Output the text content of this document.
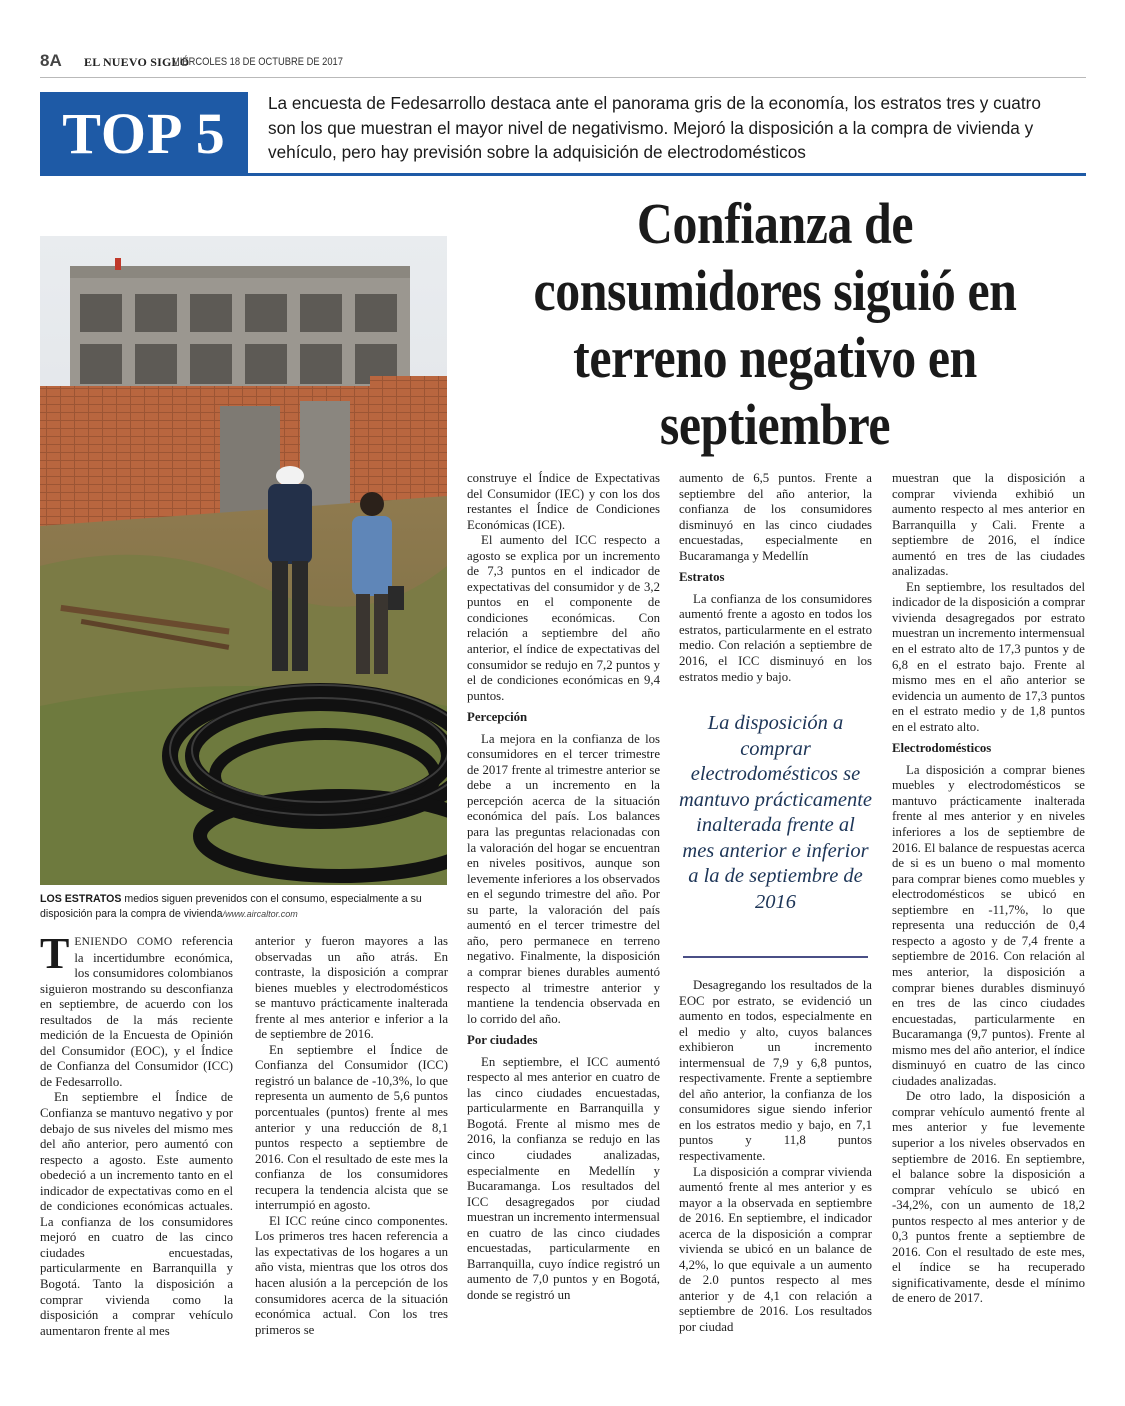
8A EL NUEVO SIGLO
MIÉRCOLES 18 DE OCTUBRE DE 2017
TOP 5	La encuesta de Fedesarrollo destaca ante el panorama gris de la economía, los estratos tres y cuatro son los que muestran el mayor nivel de negativismo. Mejoró la disposición a la compra de vivienda y vehículo, pero hay previsión sobre la adquisición de electrodomésticos
Confianza de consumidores siguió en terreno negativo en septiembre
LOS ESTRATOS medios siguen prevenidos con el consumo, especialmente a su disposición para la compra de vivienda/www.aircaltor.com

TENIENDO COMO referencia la incertidumbre económica, los consumidores colombianos siguieron mostrando su desconfianza en septiembre, de acuerdo con los resultados de la más reciente medición de la Encuesta de Opinión del Consumidor (EOC), y el Índice de Confianza del Consumidor (ICC) de Fedesarrollo.

En septiembre el Índice de Confianza se mantuvo negativo y por debajo de sus niveles del mismo mes del año anterior, pero aumentó con respecto a agosto. Este aumento obedeció a un incremento tanto en el indicador de expectativas como en el de condiciones económicas actuales. La confianza de los consumidores mejoró en cuatro de las cinco ciudades encuestadas, particularmente en Barranquilla y Bogotá. Tanto la disposición a comprar vivienda como la disposición a comprar vehículo aumentaron frente al mes

anterior y fueron mayores a las observadas un año atrás. En contraste, la disposición a comprar bienes muebles y electrodomésticos se mantuvo prácticamente inalterada frente al mes anterior e inferior a la de septiembre de 2016.

En septiembre el Índice de Confianza del Consumidor (ICC) registró un balance de -10,3%, lo que representa un aumento de 5,6 puntos porcentuales (puntos) frente al mes anterior y una reducción de 8,1 puntos respecto a septiembre de 2016. Con el resultado de este mes la confianza de los consumidores recupera la tendencia alcista que se interrumpió en agosto.

El ICC reúne cinco componentes. Los primeros tres hacen referencia a las expectativas de los hogares a un año vista, mientras que los otros dos hacen alusión a la percepción de los consumidores acerca de la situación económica actual. Con los tres primeros se

construye el Índice de Expectativas del Consumidor (IEC) y con los dos restantes el Índice de Condiciones Económicas (ICE).

El aumento del ICC respecto a agosto se explica por un incremento de 7,3 puntos en el indicador de expectativas del consumidor y de 3,2 puntos en el componente de condiciones económicas. Con relación a septiembre del año anterior, el índice de expectativas del consumidor se redujo en 7,2 puntos y el de condiciones económicas en 9,4 puntos.

Percepción

La mejora en la confianza de los consumidores en el tercer trimestre de 2017 frente al trimestre anterior se debe a un incremento en la percepción acerca de la situación económica del país. Los balances para las preguntas relacionadas con la valoración del hogar se encuentran en niveles positivos, aunque son levemente inferiores a los observados en el segundo trimestre del año. Por su parte, la valoración del país aumentó en el tercer trimestre del año, pero permanece en terreno negativo. Finalmente, la disposición a comprar bienes durables aumentó respecto al trimestre anterior y mantiene la tendencia observada en lo corrido del año.

Por ciudades

En septiembre, el ICC aumentó respecto al mes anterior en cuatro de las cinco ciudades encuestadas, particularmente en Barranquilla y Bogotá. Frente al mismo mes de 2016, la confianza se redujo en las cinco ciudades analizadas, especialmente en Medellín y Bucaramanga. Los resultados del ICC desagregados por ciudad muestran un incremento intermensual en cuatro de las cinco ciudades encuestadas, particularmente en Barranquilla, cuyo índice registró un aumento de 7,0 puntos y en Bogotá, donde se registró un

aumento de 6,5 puntos. Frente a septiembre del año anterior, la confianza de los consumidores disminuyó en las cinco ciudades encuestadas, especialmente en Bucaramanga y Medellín

Estratos

La confianza de los consumidores aumentó frente a agosto en todos los estratos, particularmente en el estrato medio. Con relación a septiembre de 2016, el ICC disminuyó en los estratos medio y bajo.

La disposición a comprar electrodomésticos se mantuvo prácticamente inalterada frente al mes anterior e inferior a la de septiembre de 2016

Desagregando los resultados de la EOC por estrato, se evidenció un aumento en todos, especialmente en el medio y alto, cuyos balances exhibieron un incremento intermensual de 7,9 y 6,8 puntos, respectivamente. Frente a septiembre del año anterior, la confianza de los consumidores sigue siendo inferior en los estratos medio y bajo, en 7,1 puntos y 11,8 puntos respectivamente.

La disposición a comprar vivienda aumentó frente al mes anterior y es mayor a la observada en septiembre de 2016. En septiembre, el indicador acerca de la disposición a comprar vivienda se ubicó en un balance de 4,2%, lo que equivale a un aumento de 2.0 puntos respecto al mes anterior y de 4,1 con relación a septiembre de 2016. Los resultados por ciudad

muestran que la disposición a comprar vivienda exhibió un aumento respecto al mes anterior en Barranquilla y Cali. Frente a septiembre de 2016, el índice aumentó en tres de las ciudades analizadas.

En septiembre, los resultados del indicador de la disposición a comprar vivienda desagregados por estrato muestran un incremento intermensual en el estrato alto de 17,3 puntos y de 6,8 en el estrato bajo. Frente al mismo mes en el año anterior se evidencia un aumento de 17,3 puntos en el estrato medio y de 1,8 puntos en el estrato alto.

Electrodomésticos

La disposición a comprar bienes muebles y electrodomésticos se mantuvo prácticamente inalterada frente al mes anterior y en niveles inferiores a los de septiembre de 2016. El balance de respuestas acerca de si es un bueno o mal momento para comprar bienes como muebles y electrodomésticos se ubicó en septiembre en -11,7%, lo que representa una reducción de 0,4 respecto a agosto y de 7,4 frente a septiembre de 2016. Con relación al mes anterior, la disposición a comprar bienes durables disminuyó en tres de las cinco ciudades encuestadas, particularmente en Bucaramanga (9,7 puntos). Frente al mismo mes del año anterior, el índice disminuyó en cuatro de las cinco ciudades analizadas.

De otro lado, la disposición a comprar vehículo aumentó frente al mes anterior y fue levemente superior a los niveles observados en septiembre de 2016. En septiembre, el balance sobre la disposición a comprar vehículo se ubicó en -34,2%, con un aumento de 18,2 puntos respecto al mes anterior y de 0,3 puntos frente a septiembre de 2016. Con el resultado de este mes, el índice se ha recuperado significativamente, desde el mínimo de enero de 2017.
